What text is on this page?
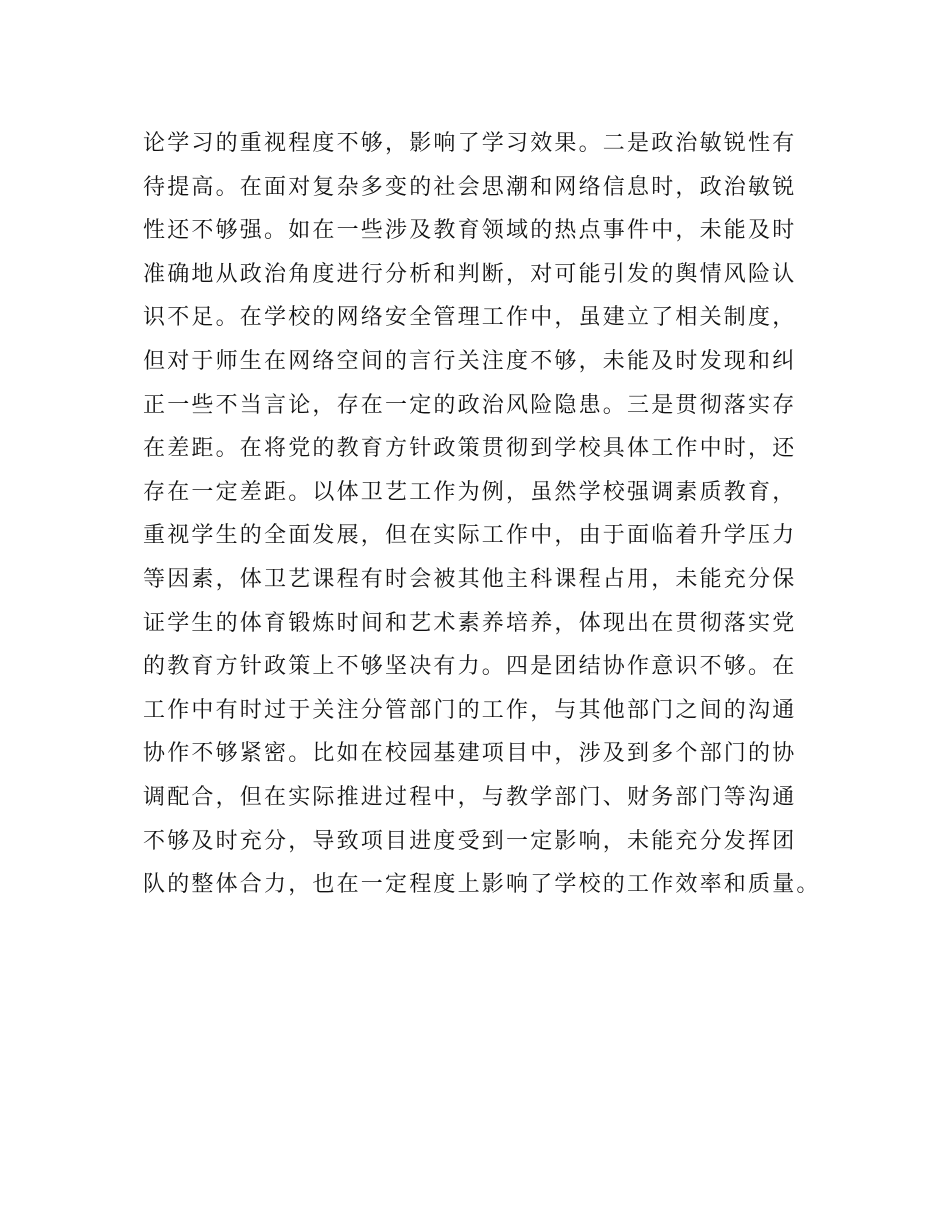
论学习的重视程度不够，影响了学习效果。二是政治敏锐性有
待提高。在面对复杂多变的社会思潮和网络信息时，政治敏锐
性还不够强。如在一些涉及教育领域的热点事件中，未能及时
准确地从政治角度进行分析和判断，对可能引发的舆情风险认
识不足。在学校的网络安全管理工作中，虽建立了相关制度，
但对于师生在网络空间的言行关注度不够，未能及时发现和纠
正一些不当言论，存在一定的政治风险隐患。三是贯彻落实存
在差距。在将党的教育方针政策贯彻到学校具体工作中时，还
存在一定差距。以体卫艺工作为例，虽然学校强调素质教育，
重视学生的全面发展，但在实际工作中，由于面临着升学压力
等因素，体卫艺课程有时会被其他主科课程占用，未能充分保
证学生的体育锻炼时间和艺术素养培养，体现出在贯彻落实党
的教育方针政策上不够坚决有力。四是团结协作意识不够。在
工作中有时过于关注分管部门的工作，与其他部门之间的沟通
协作不够紧密。比如在校园基建项目中，涉及到多个部门的协
调配合，但在实际推进过程中，与教学部门、财务部门等沟通
不够及时充分，导致项目进度受到一定影响，未能充分发挥团
队的整体合力，也在一定程度上影响了学校的工作效率和质量。
